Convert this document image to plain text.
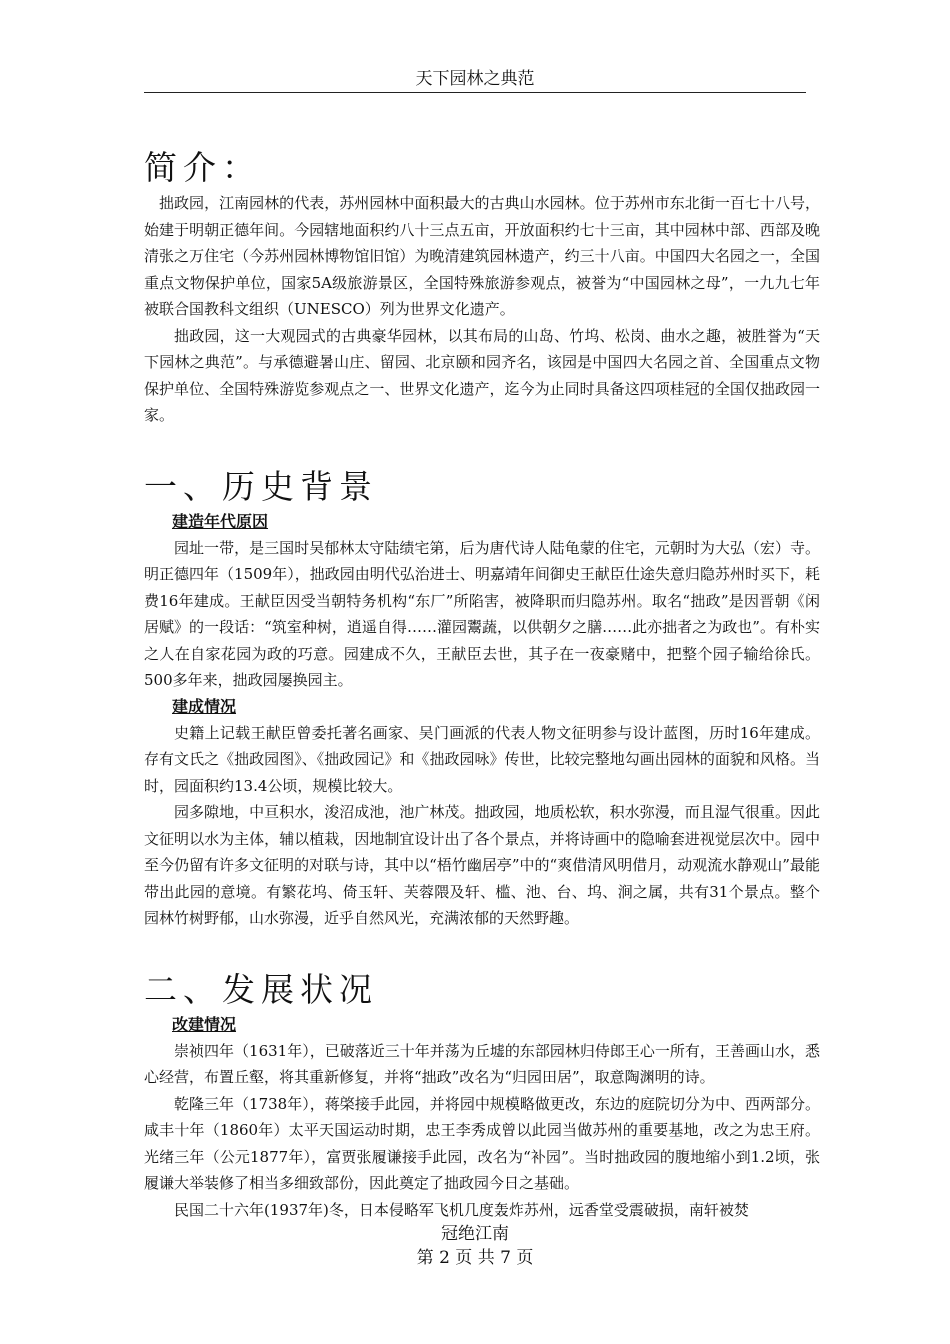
天下园林之典范
简介：

拙政园，江南园林的代表，苏州园林中面积最大的古典山水园林。位于苏州市东北街一百七十八号，始建于明朝正德年间。今园辖地面积约八十三点五亩，开放面积约七十三亩，其中园林中部、西部及晚清张之万住宅（今苏州园林博物馆旧馆）为晚清建筑园林遗产，约三十八亩。中国四大名园之一，全国重点文物保护单位，国家5A级旅游景区，全国特殊旅游参观点，被誉为“中国园林之母”，一九九七年被联合国教科文组织（UNESCO）列为世界文化遗产。

拙政园，这一大观园式的古典豪华园林，以其布局的山岛、竹坞、松岗、曲水之趣，被胜誉为“天下园林之典范”。与承德避暑山庄、留园、北京颐和园齐名，该园是中国四大名园之首、全国重点文物保护单位、全国特殊游览参观点之一、世界文化遗产，迄今为止同时具备这四项桂冠的全国仅拙政园一家。

一、历史背景
建造年代原因

园址一带，是三国时吴郁林太守陆绩宅第，后为唐代诗人陆龟蒙的住宅，元朝时为大弘（宏）寺。明正德四年（1509年），拙政园由明代弘治进士、明嘉靖年间御史王献臣仕途失意归隐苏州时买下，耗费16年建成。王献臣因受当朝特务机构“东厂”所陷害，被降职而归隐苏州。取名“拙政”是因晋朝《闲居赋》的一段话：“筑室种树，逍遥自得……灌园鬻蔬，以供朝夕之膳……此亦拙者之为政也”。有朴实之人在自家花园为政的巧意。园建成不久，王献臣去世，其子在一夜豪赌中，把整个园子输给徐氏。500多年来，拙政园屡换园主。

建成情况

史籍上记载王献臣曾委托著名画家、吴门画派的代表人物文征明参与设计蓝图，历时16年建成。存有文氏之《拙政园图》、《拙政园记》和《拙政园咏》传世，比较完整地勾画出园林的面貌和风格。当时，园面积约13.4公顷，规模比较大。

园多隙地，中亘积水，浚沼成池，池广林茂。拙政园，地质松软，积水弥漫，而且湿气很重。因此文征明以水为主体，辅以植栽，因地制宜设计出了各个景点，并将诗画中的隐喻套进视觉层次中。园中至今仍留有许多文征明的对联与诗，其中以“梧竹幽居亭”中的“爽借清风明借月，动观流水静观山”最能带出此园的意境。有繁花坞、倚玉轩、芙蓉隈及轩、槛、池、台、坞、涧之属，共有31个景点。整个园林竹树野郁，山水弥漫，近乎自然风光，充满浓郁的天然野趣。

二、发展状况
改建情况

崇祯四年（1631年），已破落近三十年并荡为丘墟的东部园林归侍郎王心一所有，王善画山水，悉心经营，布置丘壑，将其重新修复，并将“拙政”改名为“归园田居”，取意陶渊明的诗。

乾隆三年（1738年），蒋棨接手此园，并将园中规模略做更改，东边的庭院切分为中、西两部分。咸丰十年（1860年）太平天国运动时期，忠王李秀成曾以此园当做苏州的重要基地，改之为忠王府。光绪三年（公元1877年），富贾张履谦接手此园，改名为“补园”。当时拙政园的腹地缩小到1.2顷，张履谦大举装修了相当多细致部份，因此奠定了拙政园今日之基础。

民国二十六年(1937年)冬，日本侵略军飞机几度轰炸苏州，远香堂受震破损，南轩被焚

冠绝江南
第 2 页 共 7 页
